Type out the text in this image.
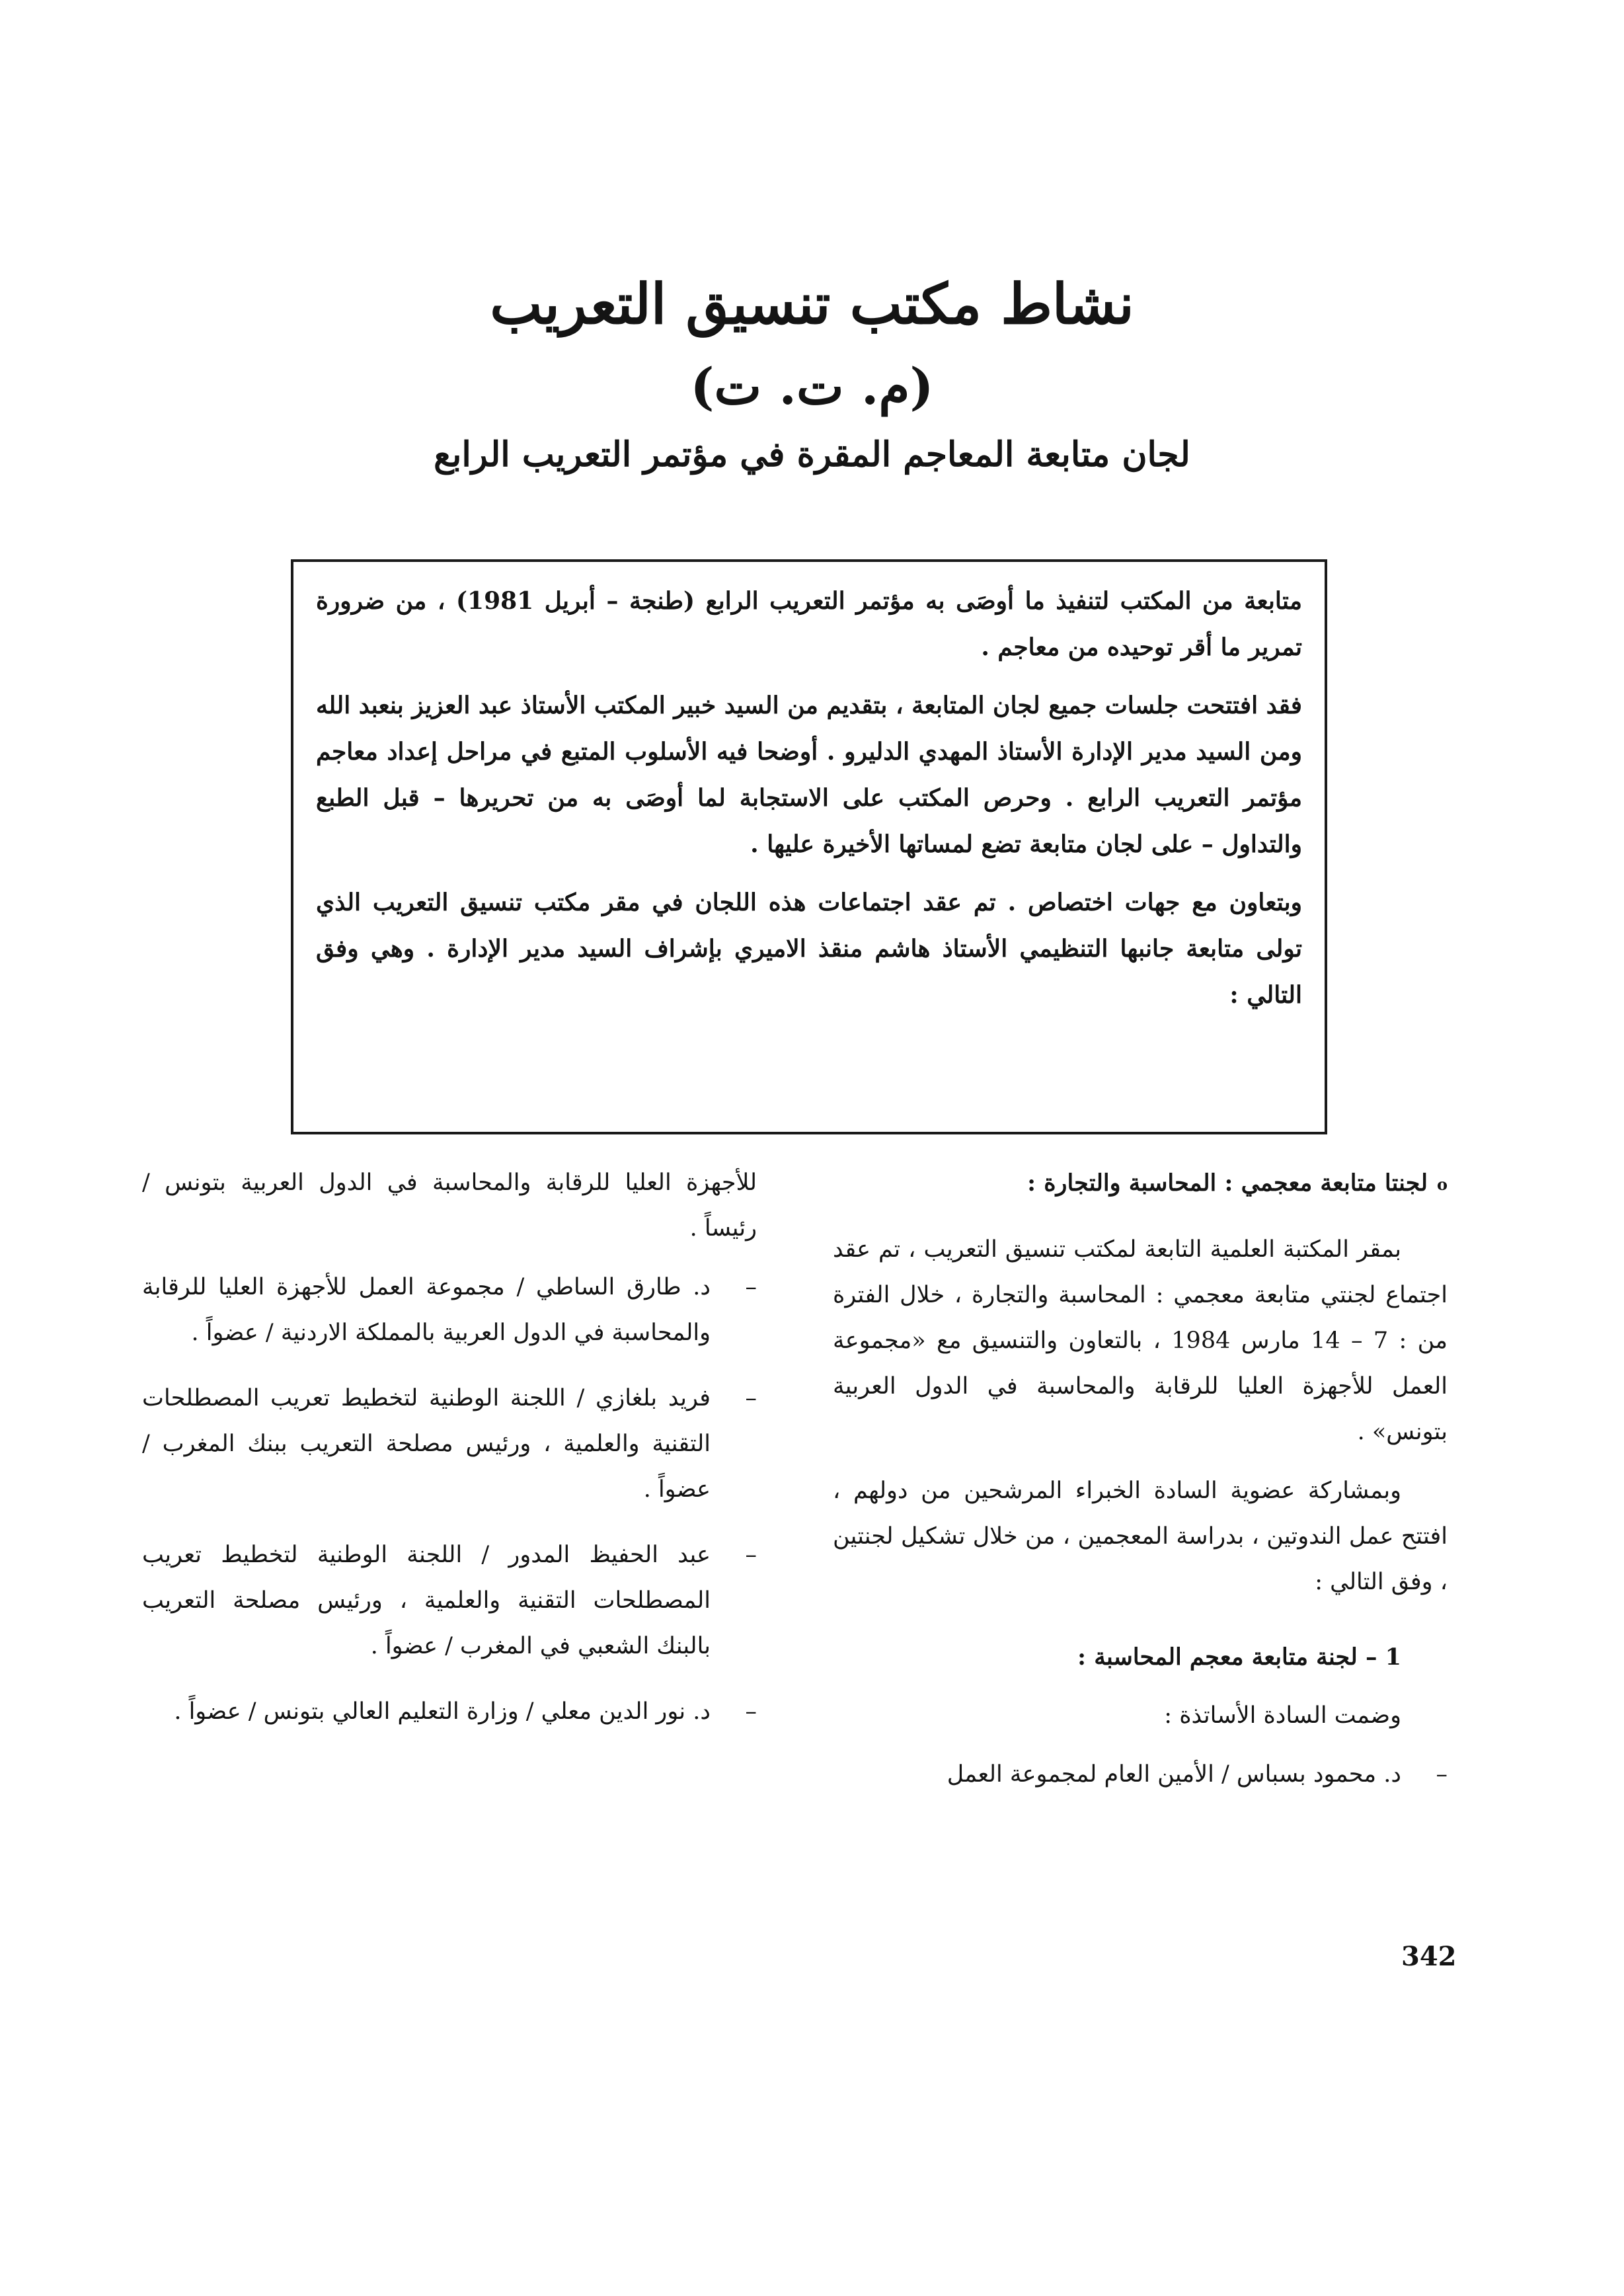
نشاط مكتب تنسيق التعريب
(م. ت. ت)
لجان متابعة المعاجم المقرة في مؤتمر التعريب الرابع

متابعة من المكتب لتنفيذ ما أوصَى به مؤتمر التعريب الرابع (طنجة – أبريل 1981) ، من ضرورة تمرير ما أقر توحيده من معاجم .

فقد افتتحت جلسات جميع لجان المتابعة ، بتقديم من السيد خبير المكتب الأستاذ عبد العزيز بنعبد الله ومن السيد مدير الإدارة الأستاذ المهدي الدليرو . أوضحا فيه الأسلوب المتبع في مراحل إعداد معاجم مؤتمر التعريب الرابع . وحرص المكتب على الاستجابة لما أوصَى به من تحريرها – قبل الطبع والتداول – على لجان متابعة تضع لمساتها الأخيرة عليها .

وبتعاون مع جهات اختصاص . تم عقد اجتماعات هذه اللجان في مقر مكتب تنسيق التعريب الذي تولى متابعة جانبها التنظيمي الأستاذ هاشم منقذ الاميري بإشراف السيد مدير الإدارة . وهي وفق التالي :

oلجنتا متابعة معجمي : المحاسبة والتجارة :

بمقر المكتبة العلمية التابعة لمكتب تنسيق التعريب ، تم عقد اجتماع لجنتي متابعة معجمي : المحاسبة والتجارة ، خلال الفترة من : 7 – 14 مارس 1984 ، بالتعاون والتنسيق مع «مجموعة العمل للأجهزة العليا للرقابة والمحاسبة في الدول العربية بتونس» .

وبمشاركة عضوية السادة الخبراء المرشحين من دولهم ، افتتح عمل الندوتين ، بدراسة المعجمين ، من خلال تشكيل لجنتين ، وفق التالي :

1 – لجنة متابعة معجم المحاسبة :

وضمت السادة الأساتذة :

–
د. محمود بسباس / الأمين العام لمجموعة العمل

للأجهزة العليا للرقابة والمحاسبة في الدول العربية بتونس / رئيساً .

–
د. طارق الساطي / مجموعة العمل للأجهزة العليا للرقابة والمحاسبة في الدول العربية بالمملكة الاردنية / عضواً .

–
فريد بلغازي / اللجنة الوطنية لتخطيط تعريب المصطلحات التقنية والعلمية ، ورئيس مصلحة التعريب ببنك المغرب / عضواً .

–
عبد الحفيظ المدور / اللجنة الوطنية لتخطيط تعريب المصطلحات التقنية والعلمية ، ورئيس مصلحة التعريب بالبنك الشعبي في المغرب / عضواً .

–
د. نور الدين معلي / وزارة التعليم العالي بتونس / عضواً .

342
